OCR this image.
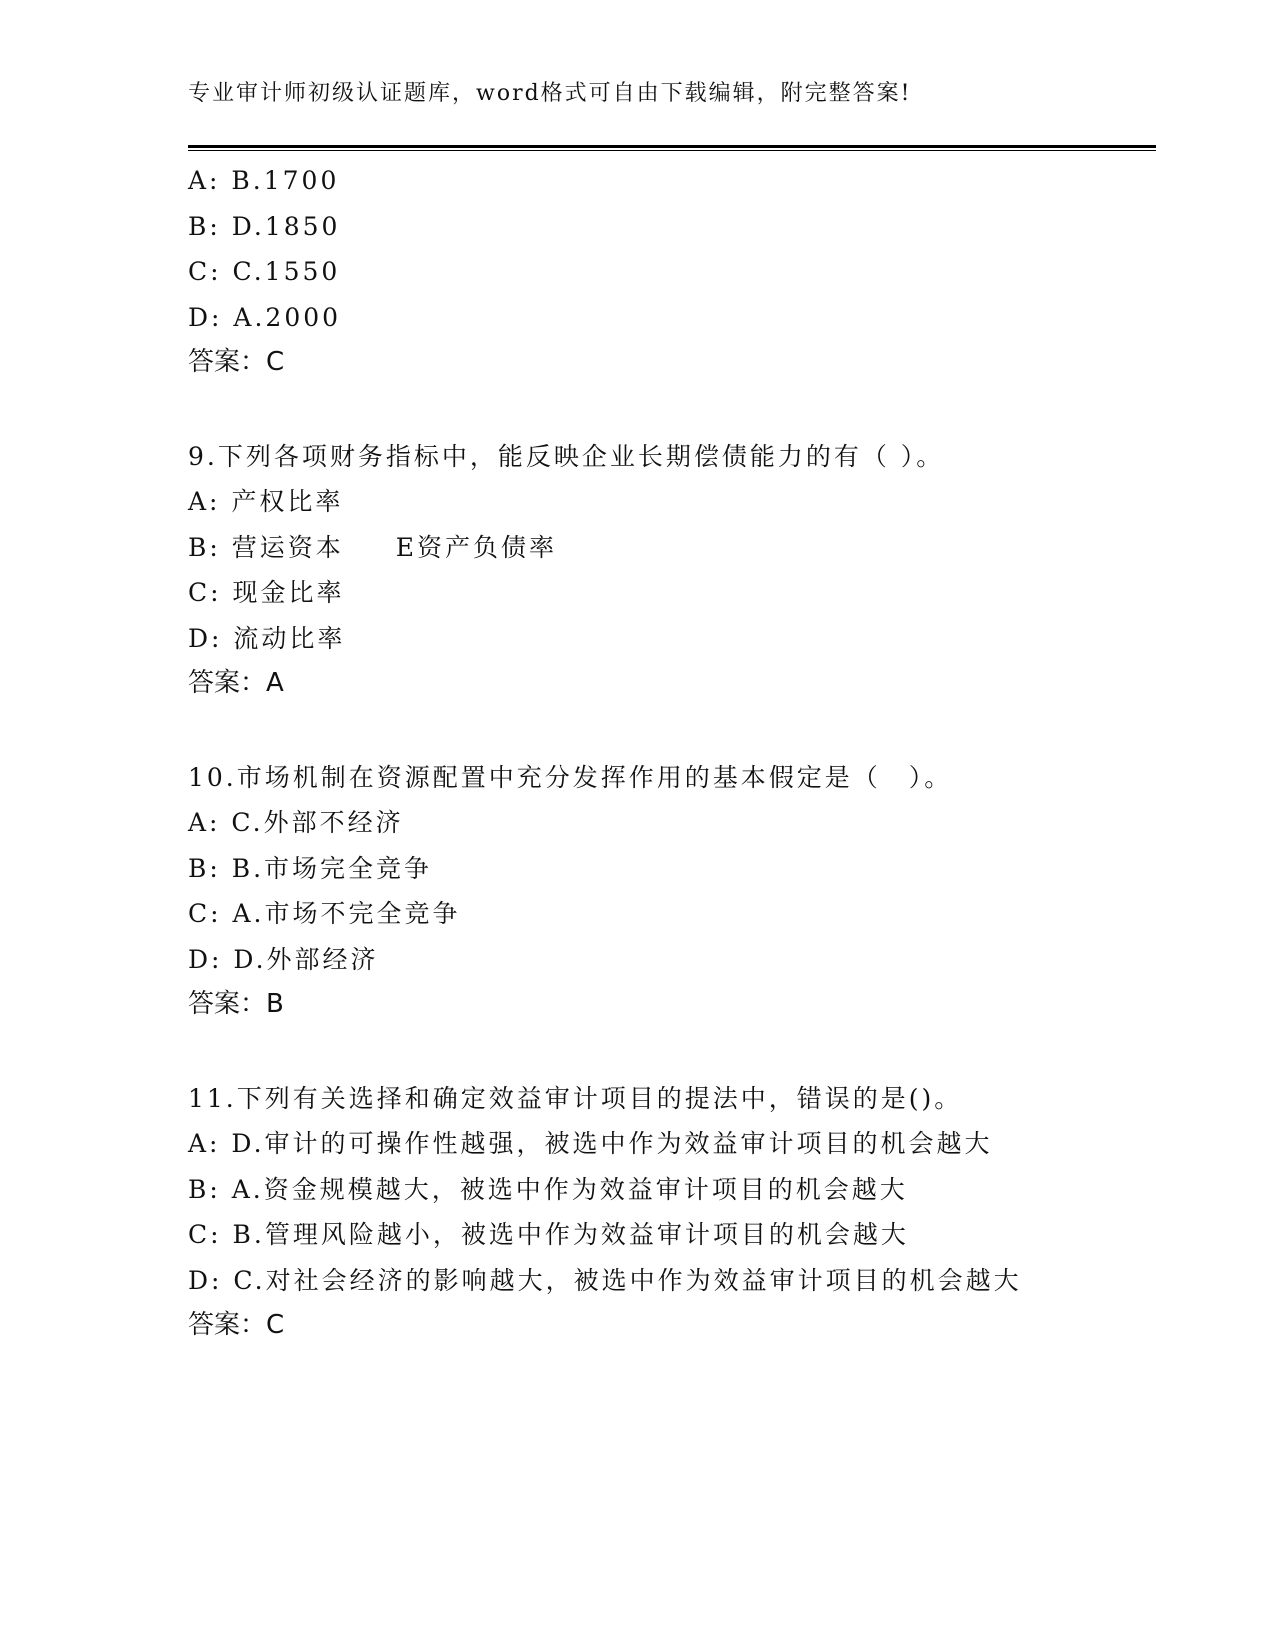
专业审计师初级认证题库，word格式可自由下载编辑，附完整答案!
A: B.1700
B: D.1850
C: C.1550
D: A.2000
答案：C
9.下列各项财务指标中，能反映企业长期偿债能力的有（ ）。
A: 产权比率
B: 营运资本 E资产负债率
C: 现金比率
D: 流动比率
答案：A
10.市场机制在资源配置中充分发挥作用的基本假定是（　）。
A: C.外部不经济
B: B.市场完全竞争
C: A.市场不完全竞争
D: D.外部经济
答案：B
11.下列有关选择和确定效益审计项目的提法中，错误的是()。
A: D.审计的可操作性越强，被选中作为效益审计项目的机会越大
B: A.资金规模越大，被选中作为效益审计项目的机会越大
C: B.管理风险越小，被选中作为效益审计项目的机会越大
D: C.对社会经济的影响越大，被选中作为效益审计项目的机会越大
答案：C
